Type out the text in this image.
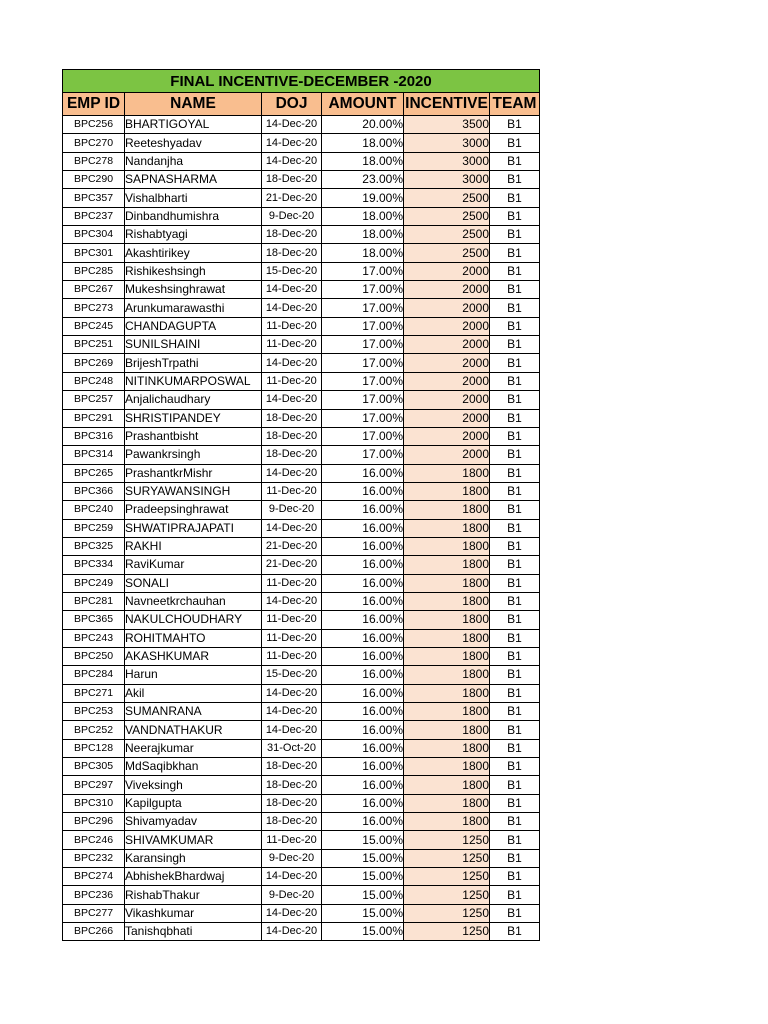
FINAL INCENTIVE-DECEMBER -2020					
EMP ID	NAME	DOJ	AMOUNT	INCENTIVE	TEAM
BPC256	BHARTIGOYAL	14-Dec-20	20.00%	3500	B1
BPC270	Reeteshyadav	14-Dec-20	18.00%	3000	B1
BPC278	Nandanjha	14-Dec-20	18.00%	3000	B1
BPC290	SAPNASHARMA	18-Dec-20	23.00%	3000	B1
BPC357	Vishalbharti	21-Dec-20	19.00%	2500	B1
BPC237	Dinbandhumishra	9-Dec-20	18.00%	2500	B1
BPC304	Rishabtyagi	18-Dec-20	18.00%	2500	B1
BPC301	Akashtirikey	18-Dec-20	18.00%	2500	B1
BPC285	Rishikeshsingh	15-Dec-20	17.00%	2000	B1
BPC267	Mukeshsinghrawat	14-Dec-20	17.00%	2000	B1
BPC273	Arunkumarawasthi	14-Dec-20	17.00%	2000	B1
BPC245	CHANDAGUPTA	11-Dec-20	17.00%	2000	B1
BPC251	SUNILSHAINI	11-Dec-20	17.00%	2000	B1
BPC269	BrijeshTrpathi	14-Dec-20	17.00%	2000	B1
BPC248	NITINKUMARPOSWAL	11-Dec-20	17.00%	2000	B1
BPC257	Anjalichaudhary	14-Dec-20	17.00%	2000	B1
BPC291	SHRISTIPANDEY	18-Dec-20	17.00%	2000	B1
BPC316	Prashantbisht	18-Dec-20	17.00%	2000	B1
BPC314	Pawankrsingh	18-Dec-20	17.00%	2000	B1
BPC265	PrashantkrMishr	14-Dec-20	16.00%	1800	B1
BPC366	SURYAWANSINGH	11-Dec-20	16.00%	1800	B1
BPC240	Pradeepsinghrawat	9-Dec-20	16.00%	1800	B1
BPC259	SHWATIPRAJAPATI	14-Dec-20	16.00%	1800	B1
BPC325	RAKHI	21-Dec-20	16.00%	1800	B1
BPC334	RaviKumar	21-Dec-20	16.00%	1800	B1
BPC249	SONALI	11-Dec-20	16.00%	1800	B1
BPC281	Navneetkrchauhan	14-Dec-20	16.00%	1800	B1
BPC365	NAKULCHOUDHARY	11-Dec-20	16.00%	1800	B1
BPC243	ROHITMAHTO	11-Dec-20	16.00%	1800	B1
BPC250	AKASHKUMAR	11-Dec-20	16.00%	1800	B1
BPC284	Harun	15-Dec-20	16.00%	1800	B1
BPC271	Akil	14-Dec-20	16.00%	1800	B1
BPC253	SUMANRANA	14-Dec-20	16.00%	1800	B1
BPC252	VANDNATHAKUR	14-Dec-20	16.00%	1800	B1
BPC128	Neerajkumar	31-Oct-20	16.00%	1800	B1
BPC305	MdSaqibkhan	18-Dec-20	16.00%	1800	B1
BPC297	Viveksingh	18-Dec-20	16.00%	1800	B1
BPC310	Kapilgupta	18-Dec-20	16.00%	1800	B1
BPC296	Shivamyadav	18-Dec-20	16.00%	1800	B1
BPC246	SHIVAMKUMAR	11-Dec-20	15.00%	1250	B1
BPC232	Karansingh	9-Dec-20	15.00%	1250	B1
BPC274	AbhishekBhardwaj	14-Dec-20	15.00%	1250	B1
BPC236	RishabThakur	9-Dec-20	15.00%	1250	B1
BPC277	Vikashkumar	14-Dec-20	15.00%	1250	B1
BPC266	Tanishqbhati	14-Dec-20	15.00%	1250	B1
